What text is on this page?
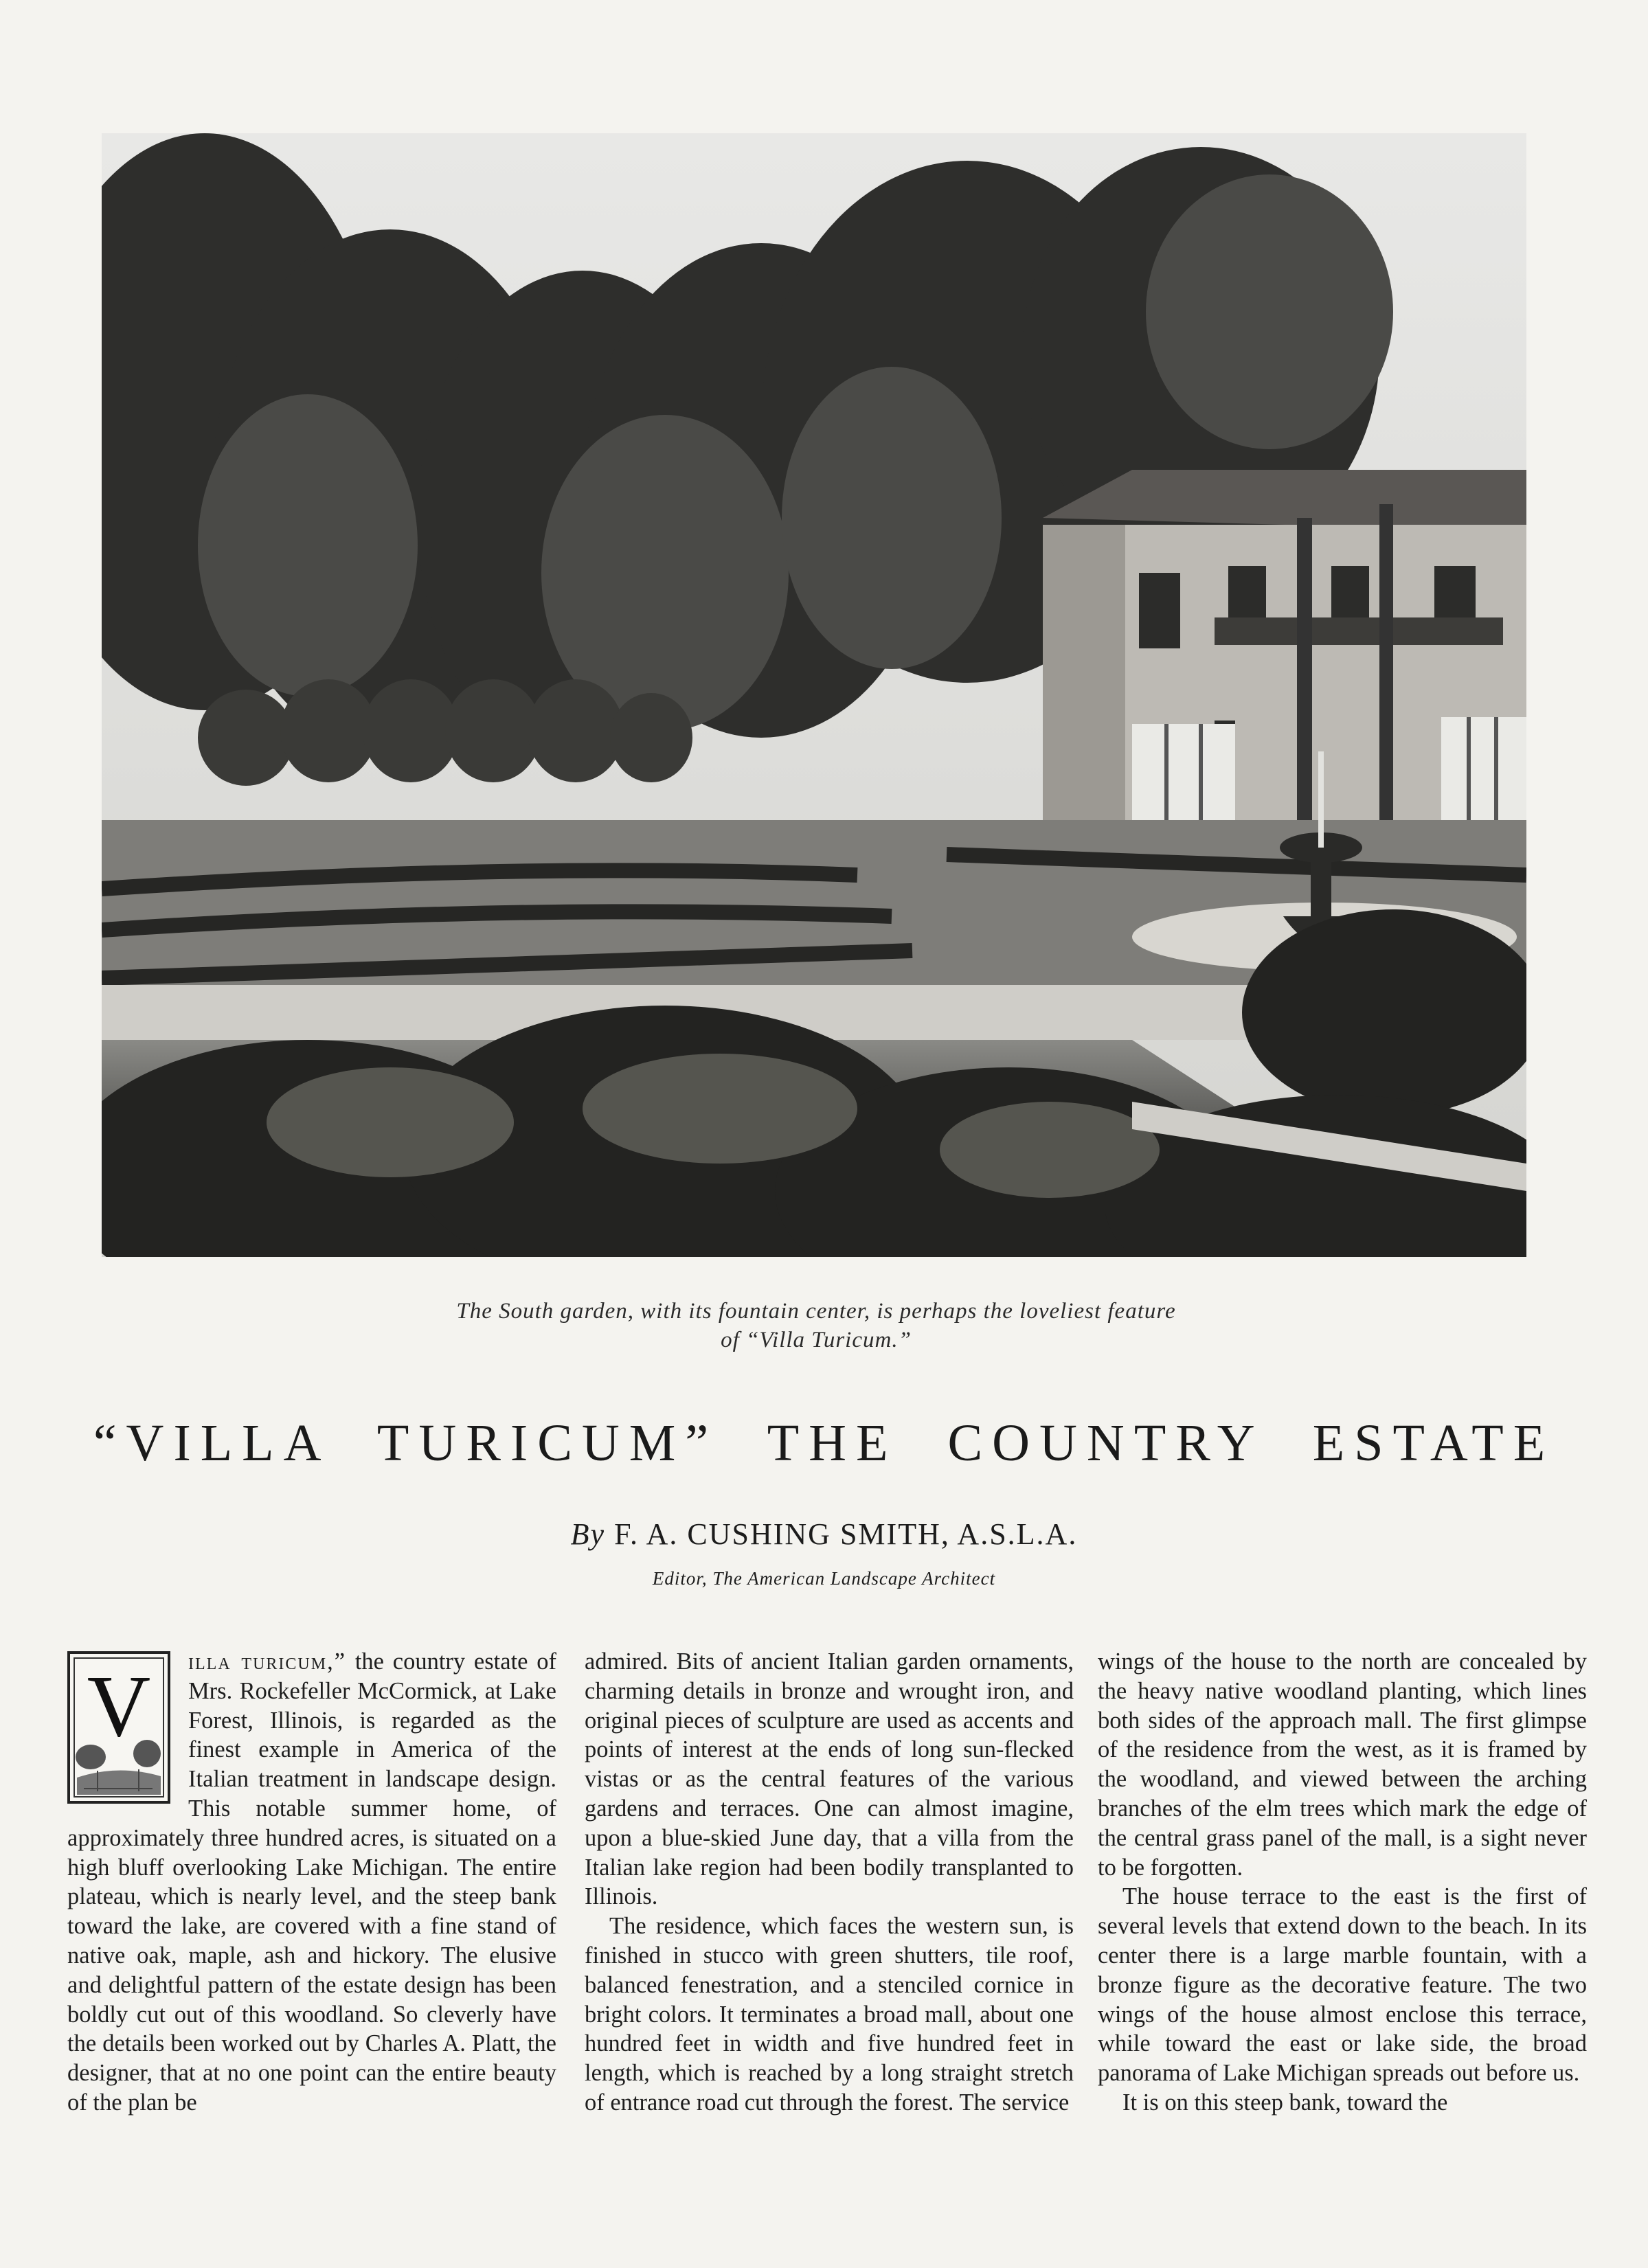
The South garden, with its fountain center, is perhaps the loveliest feature
of “Villa Turicum.”
“VILLA TURICUM” THE COUNTRY ESTATE
By F. A. CUSHING SMITH, A.S.L.A.
Editor, The American Landscape Architect
V	illa turicum,” the country estate of Mrs. Rockefeller McCormick, at Lake Forest, Illinois, is regarded as the finest example in America of the Italian treatment in landscape design. This notable summer home, of approximately three hundred acres, is situated on a high bluff overlooking Lake Michigan. The entire plateau, which is nearly level, and the steep bank toward the lake, are covered with a fine stand of native oak, maple, ash and hickory. The elusive and delightful pattern of the estate design has been boldly cut out of this woodland. So cleverly have the details been worked out by Charles A. Platt, the designer, that at no one point can the entire beauty of the plan be

admired. Bits of ancient Italian garden ornaments, charming details in bronze and wrought iron, and original pieces of sculpture are used as accents and points of interest at the ends of long sun-flecked vistas or as the central features of the various gardens and terraces. One can almost imagine, upon a blue-skied June day, that a villa from the Italian lake region had been bodily transplanted to Illinois.

The residence, which faces the western sun, is finished in stucco with green shutters, tile roof, balanced fenestration, and a stenciled cornice in bright colors. It terminates a broad mall, about one hundred feet in width and five hundred feet in length, which is reached by a long straight stretch of entrance road cut through the forest. The service

wings of the house to the north are concealed by the heavy native woodland planting, which lines both sides of the approach mall. The first glimpse of the residence from the west, as it is framed by the woodland, and viewed between the arching branches of the elm trees which mark the edge of the central grass panel of the mall, is a sight never to be forgotten.

The house terrace to the east is the first of several levels that extend down to the beach. In its center there is a large marble fountain, with a bronze figure as the decorative feature. The two wings of the house almost enclose this terrace, while toward the east or lake side, the broad panorama of Lake Michigan spreads out before us.

It is on this steep bank, toward the
